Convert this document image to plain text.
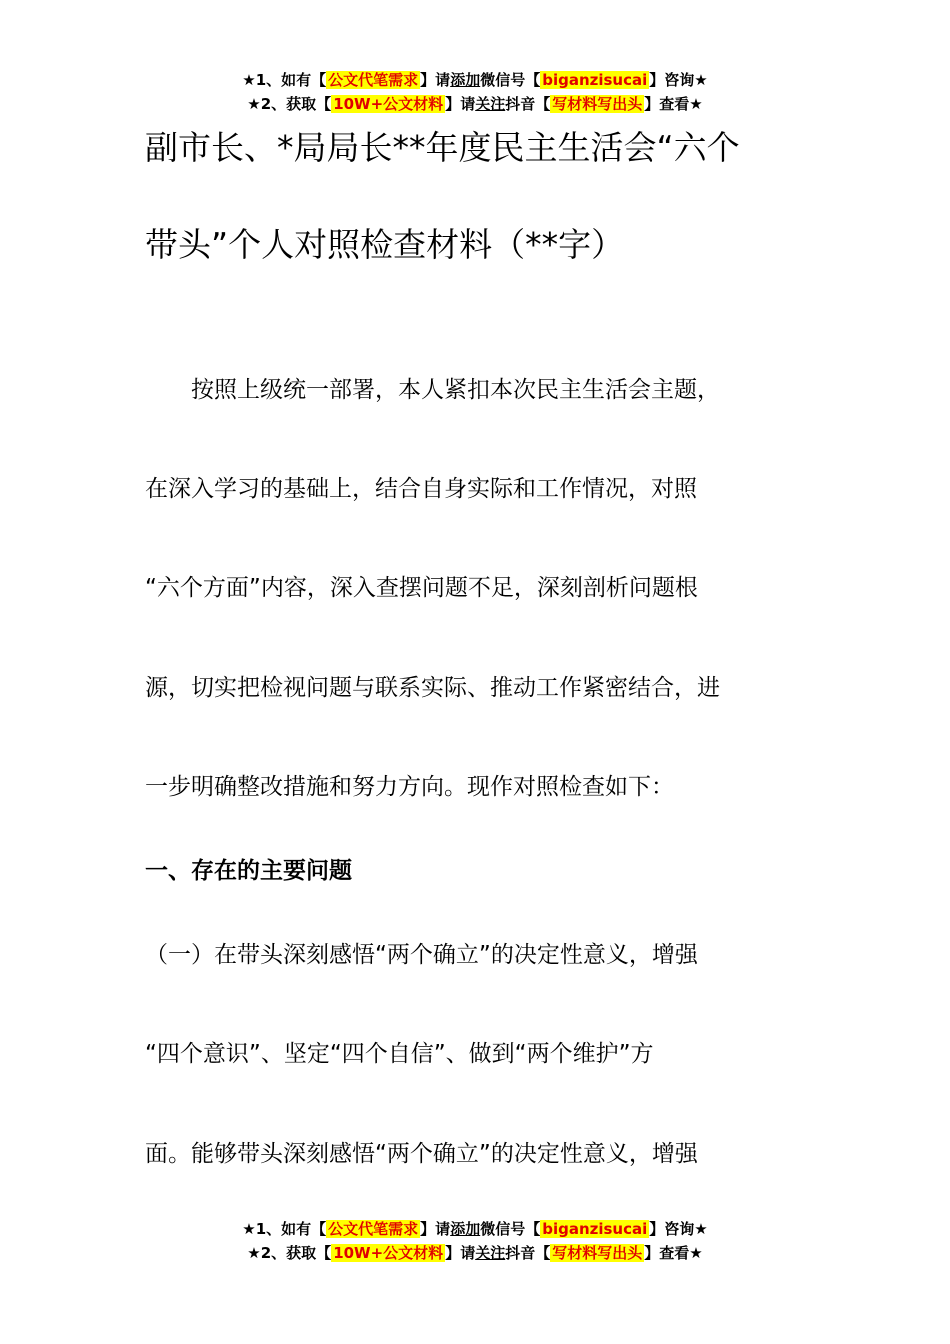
★1、如有【 公文代笔需求 】请添加微信号【 biganzisucai 】咨询★
★2、获取【 10W+公文材料 】请关注抖音【 写材料写出头 】查看★
副市长、*局局长**年度民主生活会“六个
带头”个人对照检查材料（**字）
　　按照上级统一部署，本人紧扣本次民主生活会主题，
在深入学习的基础上，结合自身实际和工作情况，对照
“六个方面”内容，深入查摆问题不足，深刻剖析问题根
源，切实把检视问题与联系实际、推动工作紧密结合，进
一步明确整改措施和努力方向。现作对照检查如下：
一、存在的主要问题
（一）在带头深刻感悟“两个确立”的决定性意义，增强
“四个意识”、坚定“四个自信”、做到“两个维护”方
面。能够带头深刻感悟“两个确立”的决定性意义，增强
★1、如有【 公文代笔需求 】请添加微信号【 biganzisucai 】咨询★
★2、获取【 10W+公文材料 】请关注抖音【 写材料写出头 】查看★
